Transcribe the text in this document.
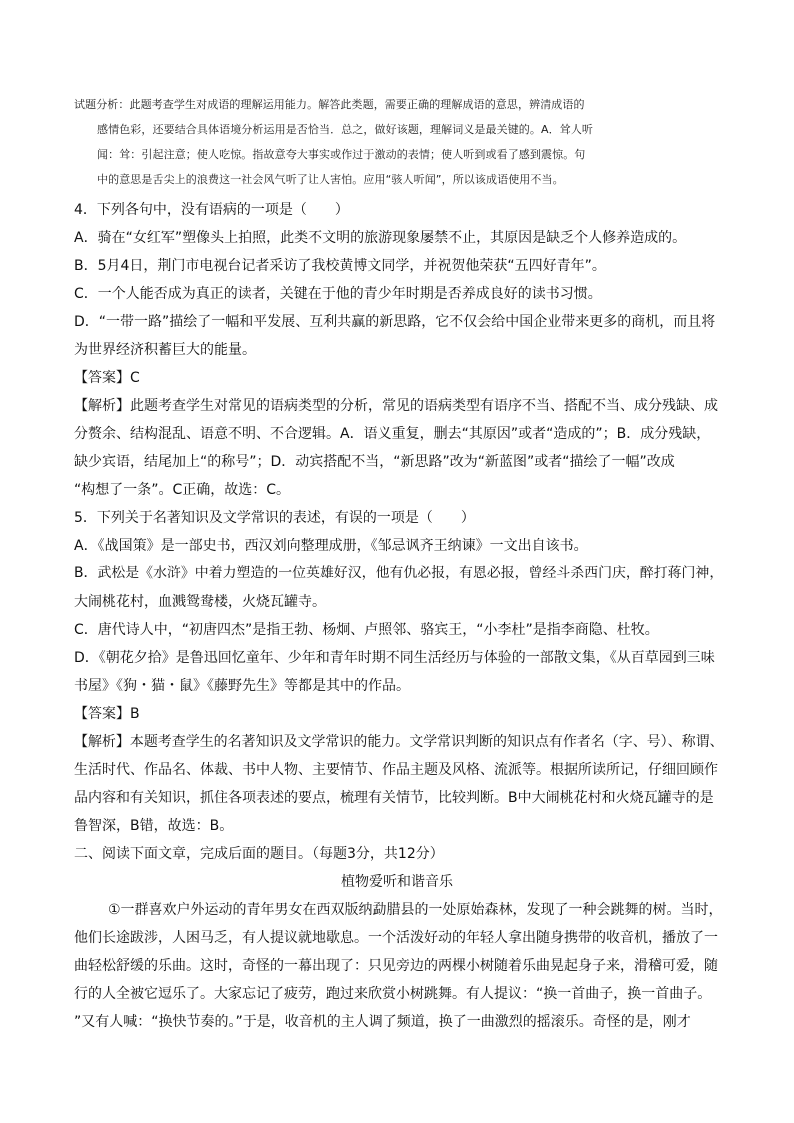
试题分析：此题考查学生对成语的理解运用能力。解答此类题，需要正确的理解成语的意思，辨清成语的
感情色彩，还要结合具体语境分析运用是否恰当．总之，做好该题，理解词义是最关键的。A．耸人听
闻：耸：引起注意；使人吃惊。指故意夸大事实或作过于激动的表情；使人听到或看了感到震惊。句
中的意思是舌尖上的浪费这一社会风气听了让人害怕。应用“骇人听闻”，所以该成语使用不当。
4．下列各句中，没有语病的一项是（　　）
A．骑在“女红军”塑像头上拍照，此类不文明的旅游现象屡禁不止，其原因是缺乏个人修养造成的。
B．5月4日，荆门市电视台记者采访了我校黄博文同学，并祝贺他荣获“五四好青年”。
C．一个人能否成为真正的读者，关键在于他的青少年时期是否养成良好的读书习惯。
D．“一带一路”描绘了一幅和平发展、互利共赢的新思路，它不仅会给中国企业带来更多的商机，而且将
为世界经济积蓄巨大的能量。
【答案】C
【解析】此题考查学生对常见的语病类型的分析，常见的语病类型有语序不当、搭配不当、成分残缺、成
分赘余、结构混乱、语意不明、不合逻辑。A．语义重复，删去“其原因”或者“造成的”；B．成分残缺，
缺少宾语，结尾加上“的称号”；D．动宾搭配不当，“新思路”改为“新蓝图”或者“描绘了一幅”改成
“构想了一条”。C正确，故选：C。
5．下列关于名著知识及文学常识的表述，有误的一项是（　　）
A．《战国策》是一部史书，西汉刘向整理成册，《邹忌讽齐王纳谏》一文出自该书。
B．武松是《水浒》中着力塑造的一位英雄好汉，他有仇必报，有恩必报，曾经斗杀西门庆，醉打蒋门神，
大闹桃花村，血溅鸳鸯楼，火烧瓦罐寺。
C．唐代诗人中，“初唐四杰”是指王勃、杨炯、卢照邻、骆宾王，“小李杜”是指李商隐、杜牧。
D．《朝花夕拾》是鲁迅回忆童年、少年和青年时期不同生活经历与体验的一部散文集，《从百草园到三味
书屋》《狗・猫・鼠》《藤野先生》等都是其中的作品。
【答案】B
【解析】本题考查学生的名著知识及文学常识的能力。文学常识判断的知识点有作者名（字、号）、称谓、
生活时代、作品名、体裁、书中人物、主要情节、作品主题及风格、流派等。根据所读所记，仔细回顾作
品内容和有关知识，抓住各项表述的要点，梳理有关情节，比较判断。B中大闹桃花村和火烧瓦罐寺的是
鲁智深，B错，故选：B。
二、阅读下面文章，完成后面的题目。（每题3分，共12分）
植物爱听和谐音乐
①一群喜欢户外运动的青年男女在西双版纳勐腊县的一处原始森林，发现了一种会跳舞的树。当时，
他们长途跋涉，人困马乏，有人提议就地歇息。一个活泼好动的年轻人拿出随身携带的收音机，播放了一
曲轻松舒缓的乐曲。这时，奇怪的一幕出现了：只见旁边的两棵小树随着乐曲晃起身子来，滑稽可爱，随
行的人全被它逗乐了。大家忘记了疲劳，跑过来欣赏小树跳舞。有人提议：“换一首曲子，换一首曲子。
”又有人喊：“换快节奏的。”于是，收音机的主人调了频道，换了一曲激烈的摇滚乐。奇怪的是，刚才
